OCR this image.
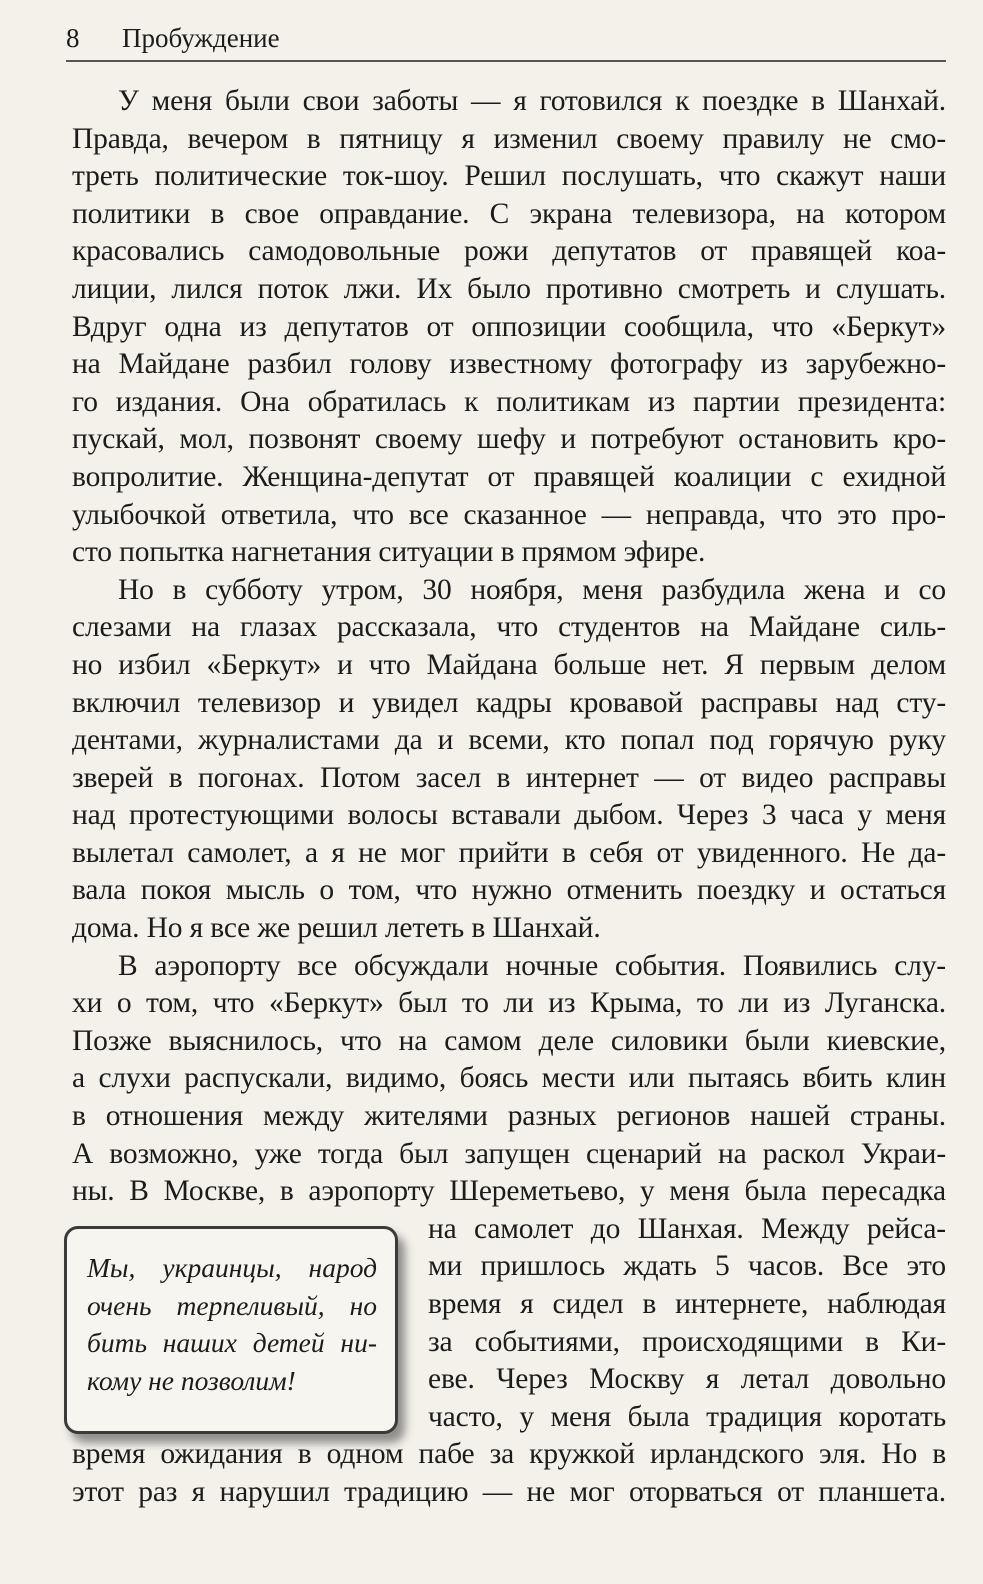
8 Пробуждение
У меня были свои заботы — я готовился к поездке в Шанхай.
Правда, вечером в пятницу я изменил своему правилу не смо-
треть политические ток-шоу. Решил послушать, что скажут наши
политики в свое оправдание. С экрана телевизора, на котором
красовались самодовольные рожи депутатов от правящей коа-
лиции, лился поток лжи. Их было противно смотреть и слушать.
Вдруг одна из депутатов от оппозиции сообщила, что «Беркут»
на Майдане разбил голову известному фотографу из зарубежно-
го издания. Она обратилась к политикам из партии президента:
пускай, мол, позвонят своему шефу и потребуют остановить кро-
вопролитие. Женщина-депутат от правящей коалиции с ехидной
улыбочкой ответила, что все сказанное — неправда, что это про-
сто попытка нагнетания ситуации в прямом эфире.
Но в субботу утром, 30 ноября, меня разбудила жена и со
слезами на глазах рассказала, что студентов на Майдане силь-
но избил «Беркут» и что Майдана больше нет. Я первым делом
включил телевизор и увидел кадры кровавой расправы над сту-
дентами, журналистами да и всеми, кто попал под горячую руку
зверей в погонах. Потом засел в интернет — от видео расправы
над протестующими волосы вставали дыбом. Через 3 часа у меня
вылетал самолет, а я не мог прийти в себя от увиденного. Не да-
вала покоя мысль о том, что нужно отменить поездку и остаться
дома. Но я все же решил лететь в Шанхай.
В аэропорту все обсуждали ночные события. Появились слу-
хи о том, что «Беркут» был то ли из Крыма, то ли из Луганска.
Позже выяснилось, что на самом деле силовики были киевские,
а слухи распускали, видимо, боясь мести или пытаясь вбить клин
в отношения между жителями разных регионов нашей страны.
А возможно, уже тогда был запущен сценарий на раскол Украи-
ны. В Москве, в аэропорту Шереметьево, у меня была пересадка
на самолет до Шанхая. Между рейса-
ми пришлось ждать 5 часов. Все это
время я сидел в интернете, наблюдая
за событиями, происходящими в Ки-
еве. Через Москву я летал довольно
часто, у меня была традиция коротать
время ожидания в одном пабе за кружкой ирландского эля. Но в
этот раз я нарушил традицию — не мог оторваться от планшета.
Мы, украинцы, народ
очень терпеливый, но
бить наших детей ни-
кому не позволим!
